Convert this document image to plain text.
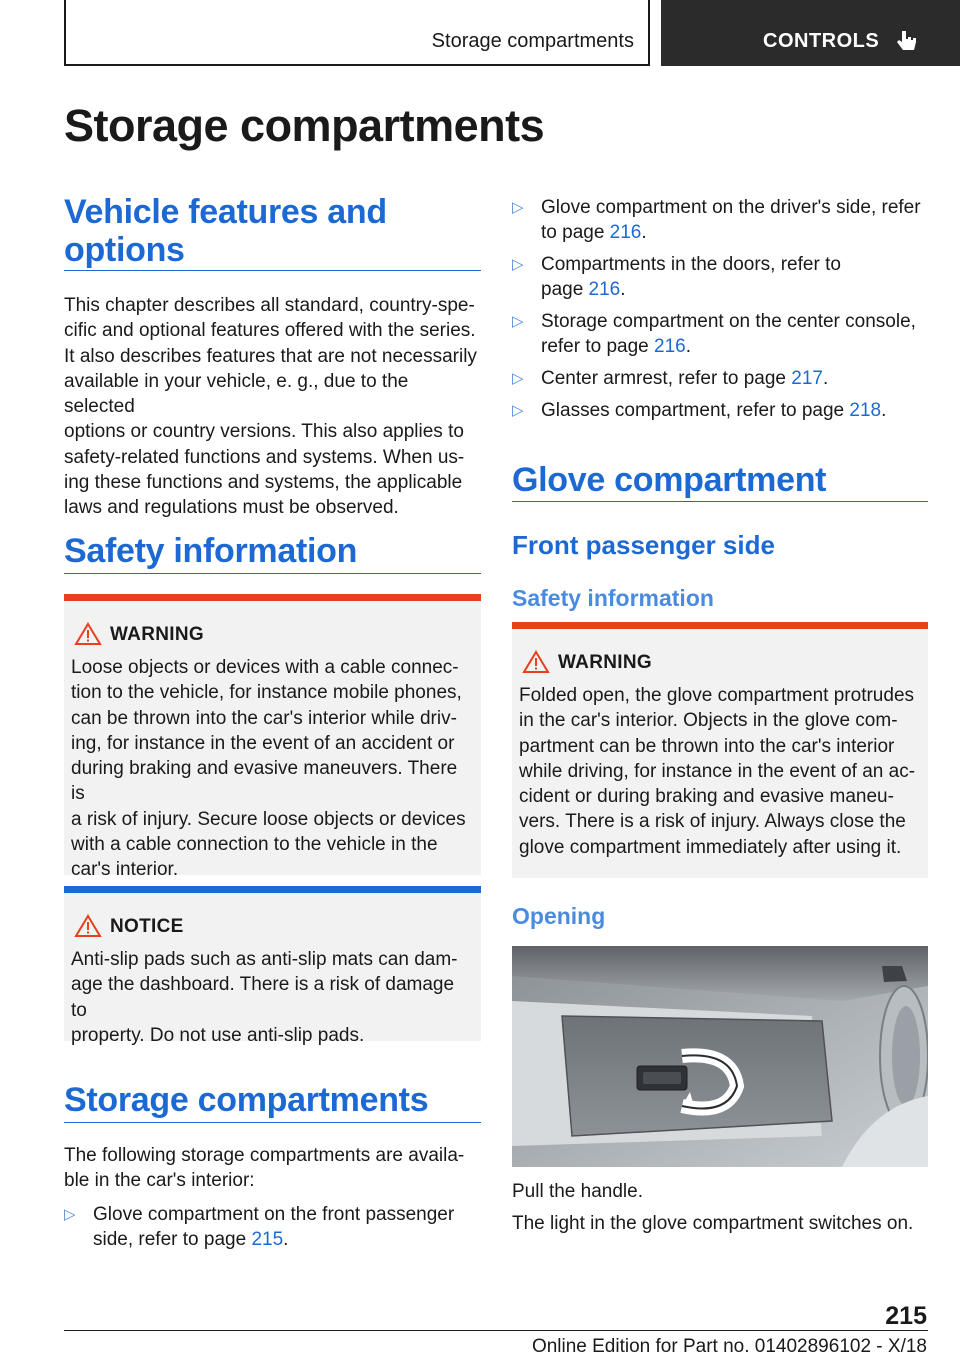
Storage compartments	CONTROLS
Storage compartments
Vehicle features and
options
This chapter describes all standard, country-spe-
cific and optional features offered with the series.
It also describes features that are not necessarily
available in your vehicle, e. g., due to the selected
options or country versions. This also applies to
safety-related functions and systems. When us-
ing these functions and systems, the applicable
laws and regulations must be observed.
Safety information
WARNING
Loose objects or devices with a cable connec-
tion to the vehicle, for instance mobile phones,
can be thrown into the car's interior while driv-
ing, for instance in the event of an accident or
during braking and evasive maneuvers. There is
a risk of injury. Secure loose objects or devices
with a cable connection to the vehicle in the
car's interior.
NOTICE
Anti-slip pads such as anti-slip mats can dam-
age the dashboard. There is a risk of damage to
property. Do not use anti-slip pads.
Storage compartments
The following storage compartments are availa-
ble in the car's interior:
▷ Glove compartment on the front passenger
side, refer to page 215.
▷ Glove compartment on the driver's side, refer
to page 216.
▷ Compartments in the doors, refer to
page 216.
▷ Storage compartment on the center console,
refer to page 216.
▷ Center armrest, refer to page 217.
▷ Glasses compartment, refer to page 218.
Glove compartment
Front passenger side
Safety information
WARNING
Folded open, the glove compartment protrudes
in the car's interior. Objects in the glove com-
partment can be thrown into the car's interior
while driving, for instance in the event of an ac-
cident or during braking and evasive maneu-
vers. There is a risk of injury. Always close the
glove compartment immediately after using it.
Opening
Pull the handle.
The light in the glove compartment switches on.
215
Online Edition for Part no. 01402896102 - X/18
